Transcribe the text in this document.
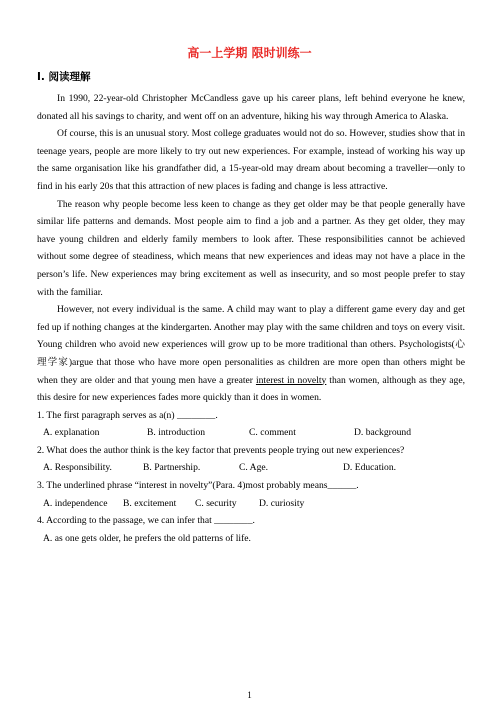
高一上学期 限时训练一
Ⅰ. 阅读理解

In 1990, 22-year-old Christopher McCandless gave up his career plans, left behind everyone he knew, donated all his savings to charity, and went off on an adventure, hiking his way through America to Alaska.

Of course, this is an unusual story. Most college graduates would not do so. However, studies show that in teenage years, people are more likely to try out new experiences. For example, instead of working his way up the same organisation like his grandfather did, a 15-year-old may dream about becoming a traveller—only to find in his early 20s that this attraction of new places is fading and change is less attractive.

The reason why people become less keen to change as they get older may be that people generally have similar life patterns and demands. Most people aim to find a job and a partner. As they get older, they may have young children and elderly family members to look after. These responsibilities cannot be achieved without some degree of steadiness, which means that new experiences and ideas may not have a place in the person’s life. New experiences may bring excitement as well as insecurity, and so most people prefer to stay with the familiar.

However, not every individual is the same. A child may want to play a different game every day and get fed up if nothing changes at the kindergarten. Another may play with the same children and toys on every visit. Young children who avoid new experiences will grow up to be more traditional than others. Psychologists(心理学家)argue that those who have more open personalities as children are more open than others might be when they are older and that young men have a greater interest in novelty than women, although as they age, this desire for new experiences fades more quickly than it does in women.

1. The first paragraph serves as a(n) ________.
A. explanation	B. introduction	C. comment	D. background
2. What does the author think is the key factor that prevents people trying out new experiences?
A. Responsibility.	B. Partnership.	C. Age.	D. Education.
3. The underlined phrase “interest in novelty”(Para. 4)most probably means______.
A. independence	B. excitement	C. security	D. curiosity
4. According to the passage, we can infer that ________.
A. as one gets older, he prefers the old patterns of life.
1
